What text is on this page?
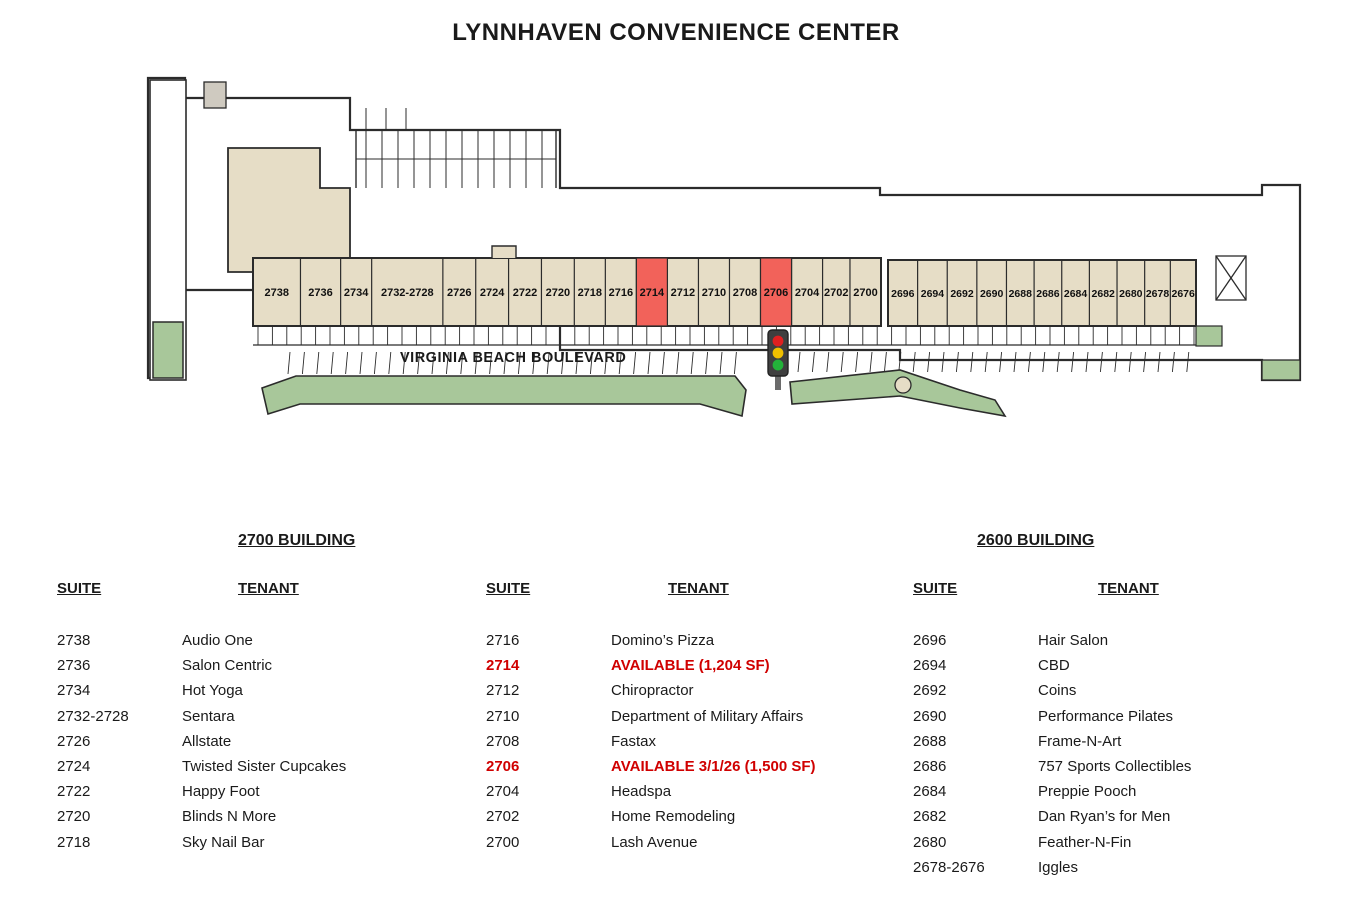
LYNNHAVEN CONVENIENCE CENTER
2738 2736 2734 2732-2728 2726 2724 2722 2720 2718 2716 2714 2712 2710 2708 2706 2704 2702 2700 2696 2694 2692 2690 2688 2686 2684 2682 2680 2678 2676
VIRGINIA BEACH BOULEVARD
2700 BUILDING	2600 BUILDING
SUITE	TENANT	SUITE	TENANT	SUITE	TENANT
2738	Audio One
2736	Salon Centric
2734	Hot Yoga
2732-2728	Sentara
2726	Allstate
2724	Twisted Sister Cupcakes
2722	Happy Foot
2720	Blinds N More
2718	Sky Nail Bar
2716	Domino’s Pizza
2714	AVAILABLE (1,204 SF)
2712	Chiropractor
2710	Department of Military Affairs
2708	Fastax
2706	AVAILABLE 3/1/26 (1,500 SF)
2704	Headspa
2702	Home Remodeling
2700	Lash Avenue
2696	Hair Salon
2694	CBD
2692	Coins
2690	Performance Pilates
2688	Frame-N-Art
2686	757 Sports Collectibles
2684	Preppie Pooch
2682	Dan Ryan’s for Men
2680	Feather-N-Fin
2678-2676	Iggles
